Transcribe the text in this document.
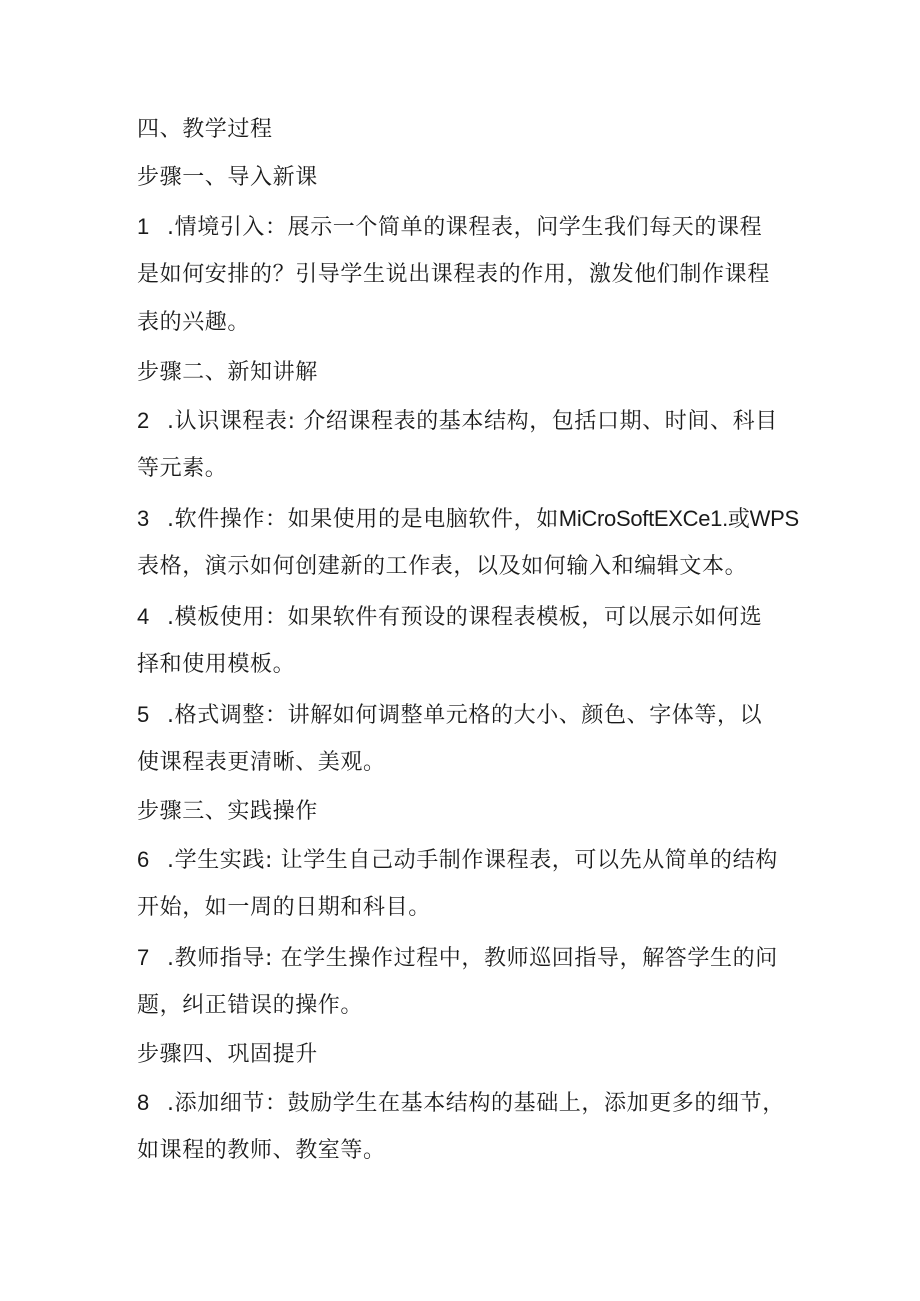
四、教学过程
步骤一、导入新课
1 .情境引入：展示一个简单的课程表，问学生我们每天的课程
是如何安排的？引导学生说出课程表的作用，激发他们制作课程
表的兴趣。
步骤二、新知讲解
2 .认识课程表: 介绍课程表的基本结构，包括口期、时间、科目
等元素。
3 .软件操作：如果使用的是电脑软件，如MiCroSoftEXCe1.或WPS
表格，演示如何创建新的工作表，以及如何输入和编辑文本。
4 .模板使用：如果软件有预设的课程表模板，可以展示如何选
择和使用模板。
5 .格式调整：讲解如何调整单元格的大小、颜色、字体等，以
使课程表更清晰、美观。
步骤三、实践操作
6 .学生实践: 让学生自己动手制作课程表，可以先从简单的结构
开始，如一周的日期和科目。
7 .教师指导: 在学生操作过程中，教师巡回指导，解答学生的问
题，纠正错误的操作。
步骤四、巩固提升
8 .添加细节：鼓励学生在基本结构的基础上，添加更多的细节，
如课程的教师、教室等。
